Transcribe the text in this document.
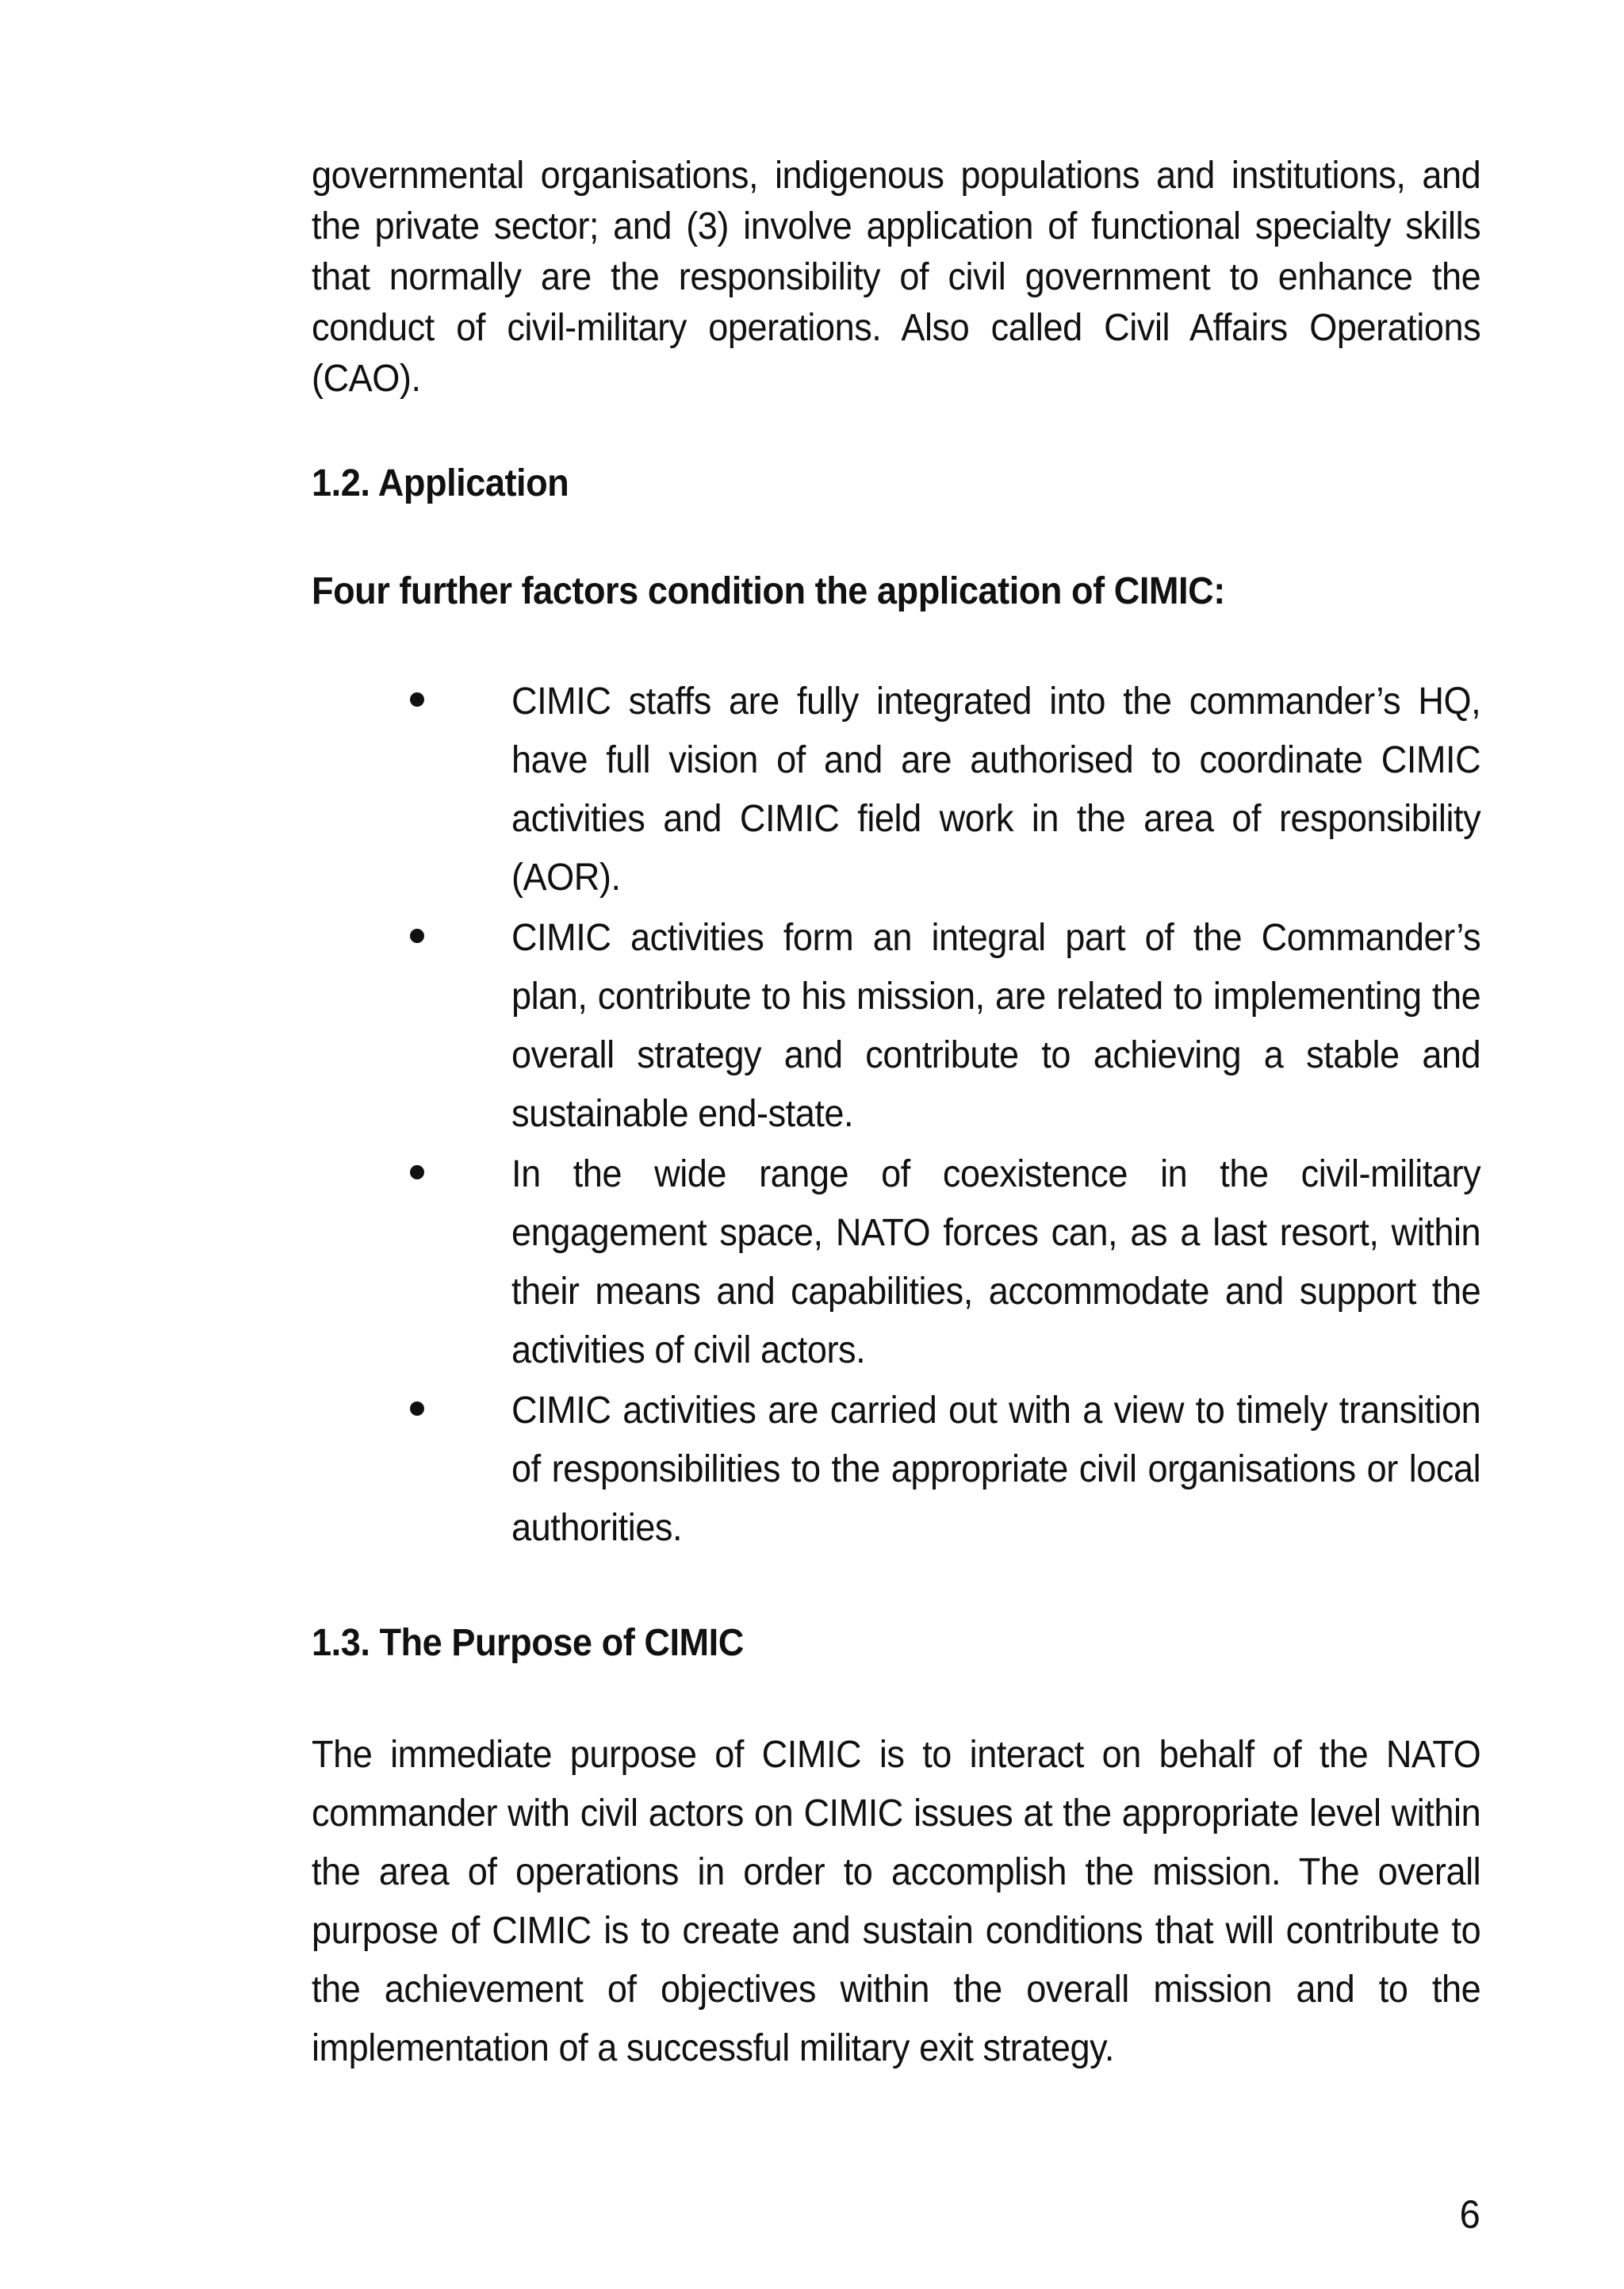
governmental organisations, indigenous populations and institutions, and the private sector; and (3) involve application of functional specialty skills that normally are the responsibility of civil government to enhance the conduct of civil-military operations. Also called Civil Affairs Operations (CAO).

1.2. Application
Four further factors condition the application of CIMIC:

CIMIC staffs are fully integrated into the commander’s HQ, have full vision of and are authorised to coordinate CIMIC activities and CIMIC field work in the area of responsibility (AOR).

CIMIC activities form an integral part of the Commander’s plan, contribute to his mission, are related to implementing the overall strategy and contribute to achieving a stable and sustainable end-state.

In the wide range of coexistence in the civil-military engagement space, NATO forces can, as a last resort, within their means and capabilities, accommodate and support the activities of civil actors.

CIMIC activities are carried out with a view to timely transition of responsibilities to the appropriate civil organisations or local authorities.

1.3. The Purpose of CIMIC

The immediate purpose of CIMIC is to interact on behalf of the NATO commander with civil actors on CIMIC issues at the appropriate level within the area of operations in order to accomplish the mission. The overall purpose of CIMIC is to create and sustain conditions that will contribute to the achievement of objectives within the overall mission and to the implementation of a successful military exit strategy.

6
